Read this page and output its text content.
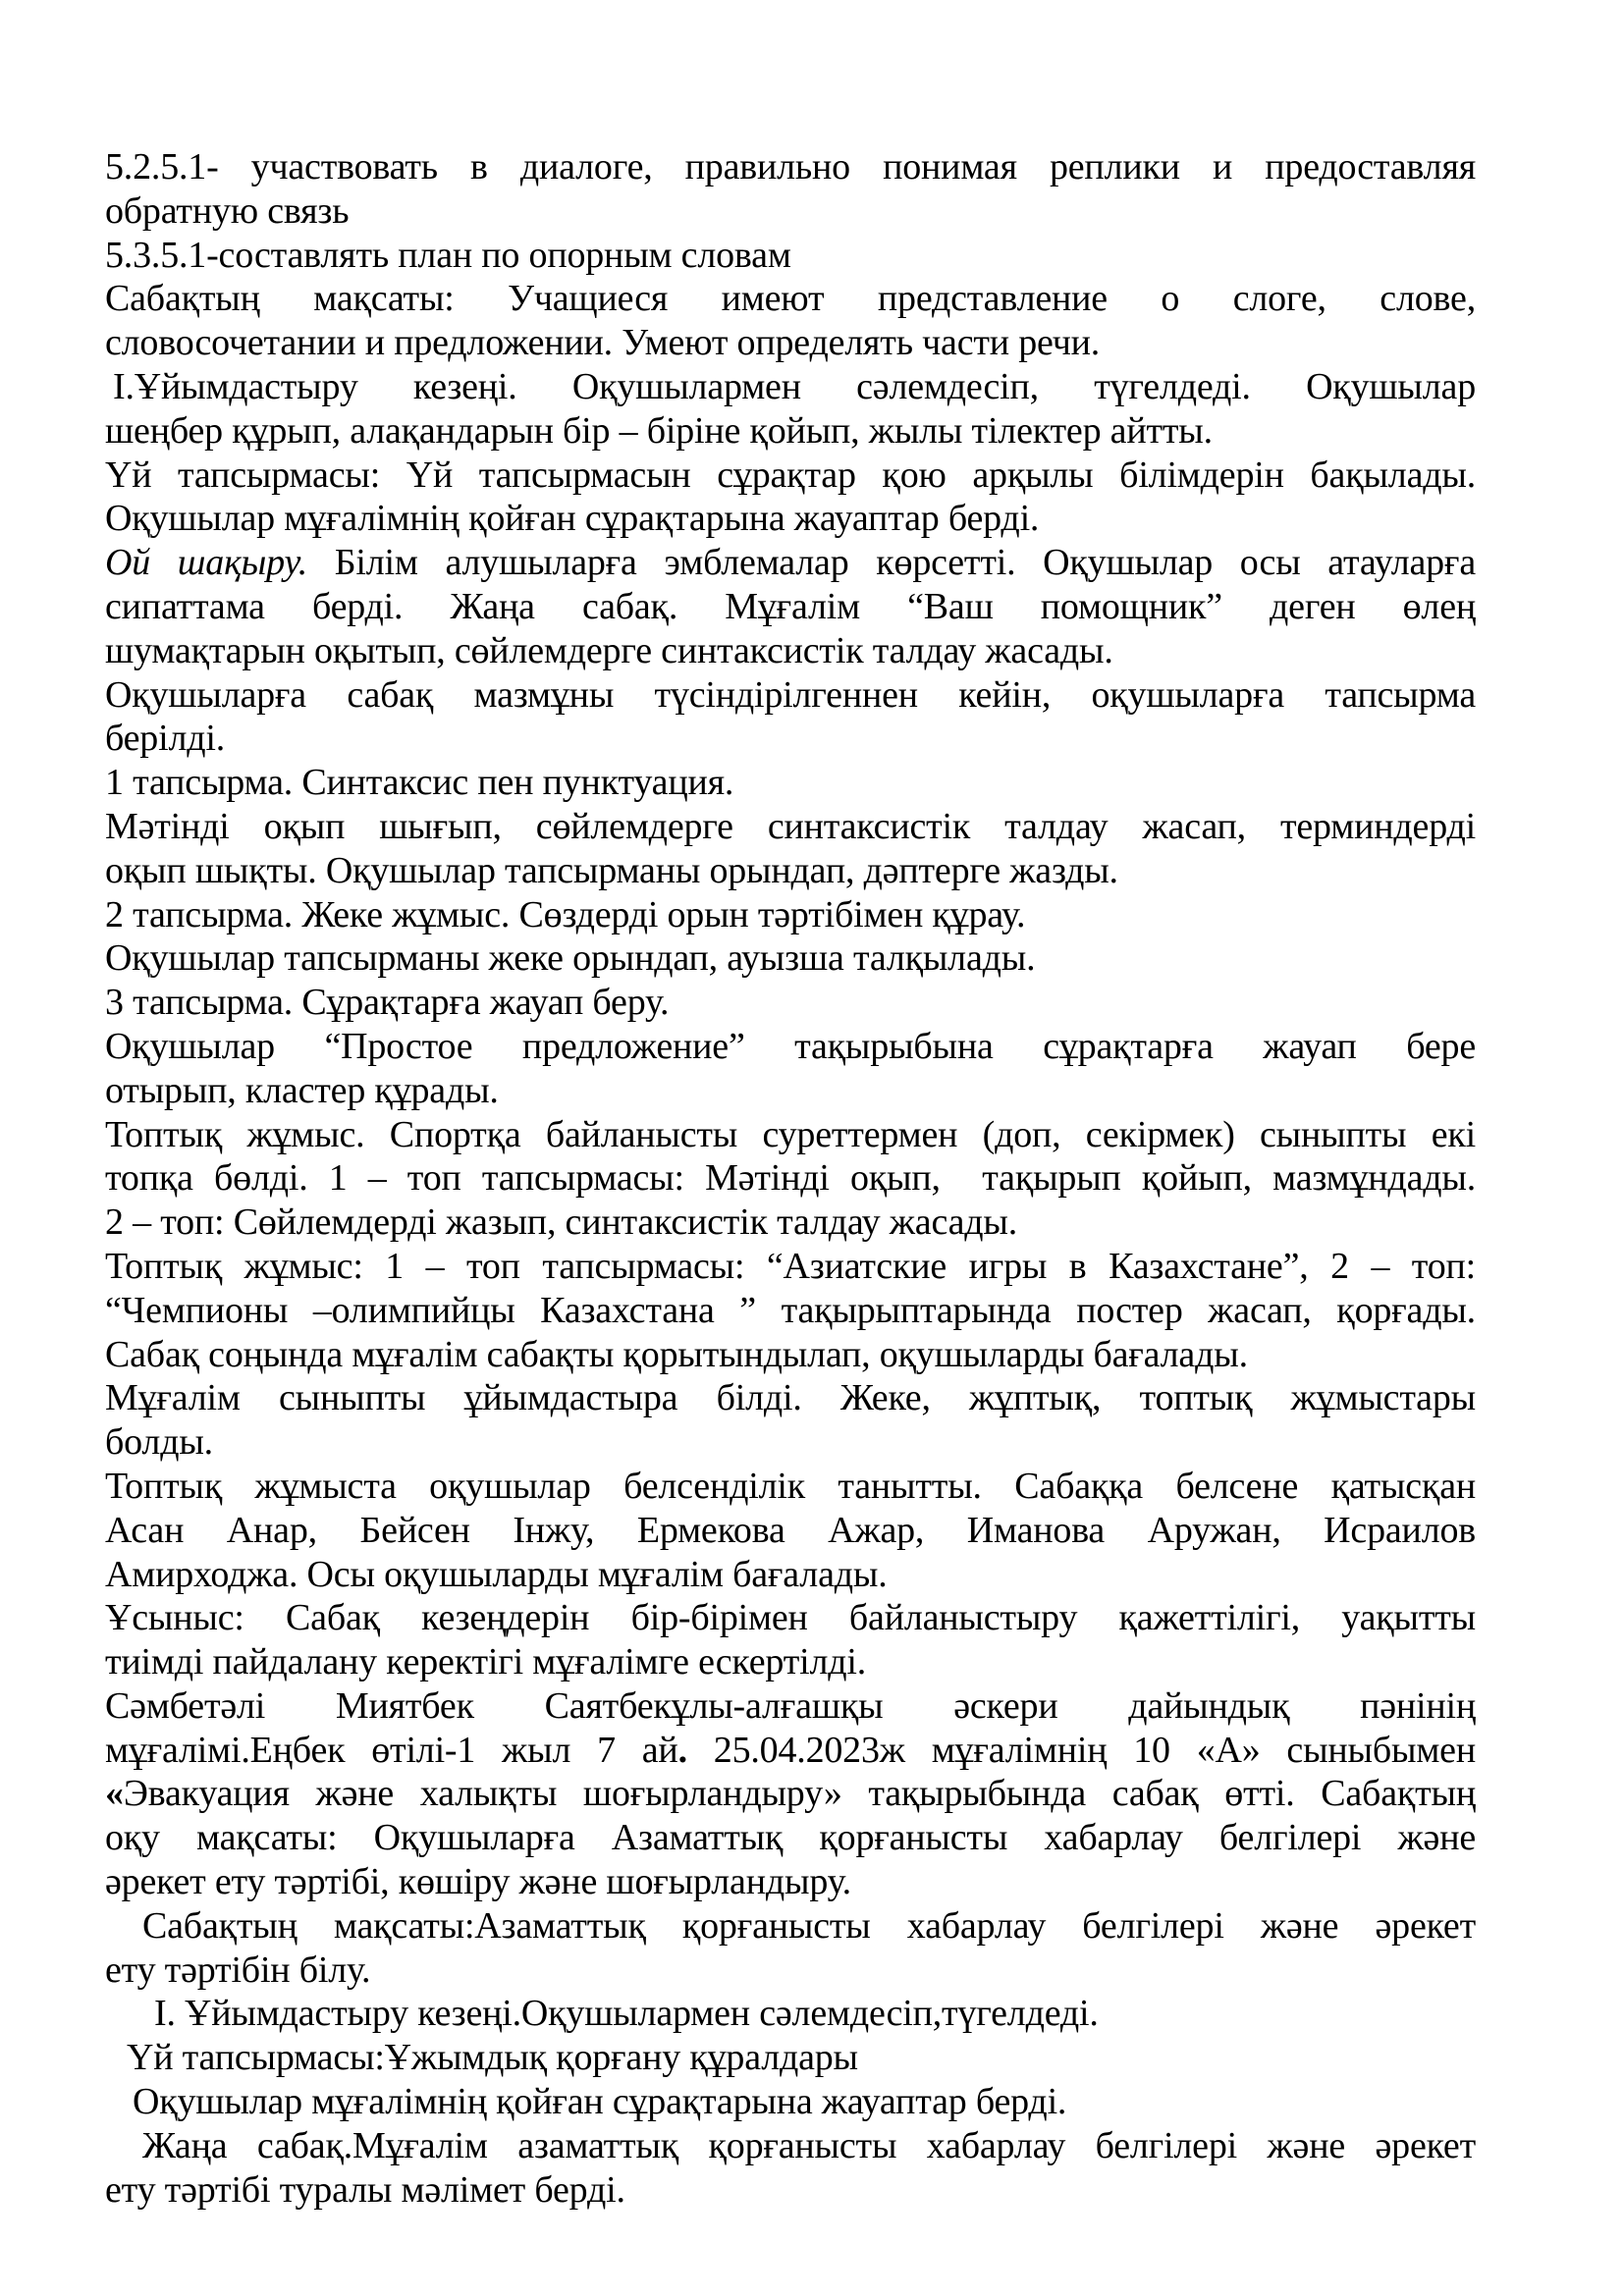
5.2.5.1- участвовать в диалоге, правильно понимая реплики и предоставляя
обратную связь
5.3.5.1-составлять план по опорным словам
Сабақтың мақсаты: Учащиеся имеют представление о слоге, слове,
словосочетании и предложении. Умеют определять части речи.
І.Ұйымдастыру кезеңі. Оқушылармен сәлемдесіп, түгелдеді. Оқушылар
шеңбер құрып, алақандарын бір – біріне қойып, жылы тілектер айтты.
Үй тапсырмасы: Үй тапсырмасын сұрақтар қою арқылы білімдерін бақылады.
Оқушылар мұғалімнің қойған сұрақтарына жауаптар берді.
Ой шақыру. Білім алушыларға эмблемалар көрсетті. Оқушылар осы атауларға
сипаттама берді. Жаңа сабақ. Мұғалім “Ваш помощник” деген өлең
шумақтарын оқытып, сөйлемдерге синтаксистік талдау жасады.
Оқушыларға сабақ мазмұны түсіндірілгеннен кейін, оқушыларға тапсырма
берілді.
1 тапсырма. Синтаксис пен пунктуация.
Мәтінді оқып шығып, сөйлемдерге синтаксистік талдау жасап, терминдерді
оқып шықты. Оқушылар тапсырманы орындап, дәптерге жазды.
2 тапсырма. Жеке жұмыс. Сөздерді орын тәртібімен құрау.
Оқушылар тапсырманы жеке орындап, ауызша талқылады.
3 тапсырма. Сұрақтарға жауап беру.
Оқушылар “Простое предложение” тақырыбына сұрақтарға жауап бере
отырып, кластер құрады.
Топтық жұмыс. Спортқа байланысты суреттермен (доп, секірмек) сыныпты екі
топқа бөлді. 1 – топ тапсырмасы: Мәтінді оқып,  тақырып қойып, мазмұндады.
2 – топ: Сөйлемдерді жазып, синтаксистік талдау жасады.
Топтық жұмыс: 1 – топ тапсырмасы: “Азиатские игры в Казахстане”, 2 – топ:
“Чемпионы –олимпийцы Казахстана ” тақырыптарында постер жасап, қорғады.
Сабақ соңында мұғалім сабақты қорытындылап, оқушыларды бағалады.
Мұғалім сыныпты ұйымдастыра білді. Жеке, жұптық, топтық жұмыстары
болды.
Топтық жұмыста оқушылар белсенділік танытты. Сабаққа белсене қатысқан
Асан Анар, Бейсен Інжу, Ермекова Ажар, Иманова Аружан, Исраилов
Амирходжа. Осы оқушыларды мұғалім бағалады.
Ұсыныс: Сабақ кезеңдерін бір-бірімен байланыстыру қажеттілігі, уақытты
тиімді пайдалану керектігі мұғалімге ескертілді.
Сәмбетәлі Миятбек Саятбекұлы-алғашқы әскери дайындық пәнінің
мұғалімі.Еңбек өтілі-1 жыл 7 ай. 25.04.2023ж мұғалімнің 10 «А» сыныбымен
«Эвакуация және халықты шоғырландыру» тақырыбында сабақ өтті. Сабақтың
оқу мақсаты: Оқушыларға Азаматтық қорғанысты хабарлау белгілері және
әрекет ету тәртібі, көшіру және шоғырландыру.
Сабақтың мақсаты:Азаматтық қорғанысты хабарлау белгілері және әрекет
ету тәртібін білу.
І. Ұйымдастыру кезеңі.Оқушылармен сәлемдесіп,түгелдеді.
Үй тапсырмасы:Ұжымдық қорғану құралдары
Оқушылар мұғалімнің қойған сұрақтарына жауаптар берді.
Жаңа сабақ.Мұғалім азаматтық қорғанысты хабарлау белгілері және әрекет
ету тәртібі туралы мәлімет берді.
